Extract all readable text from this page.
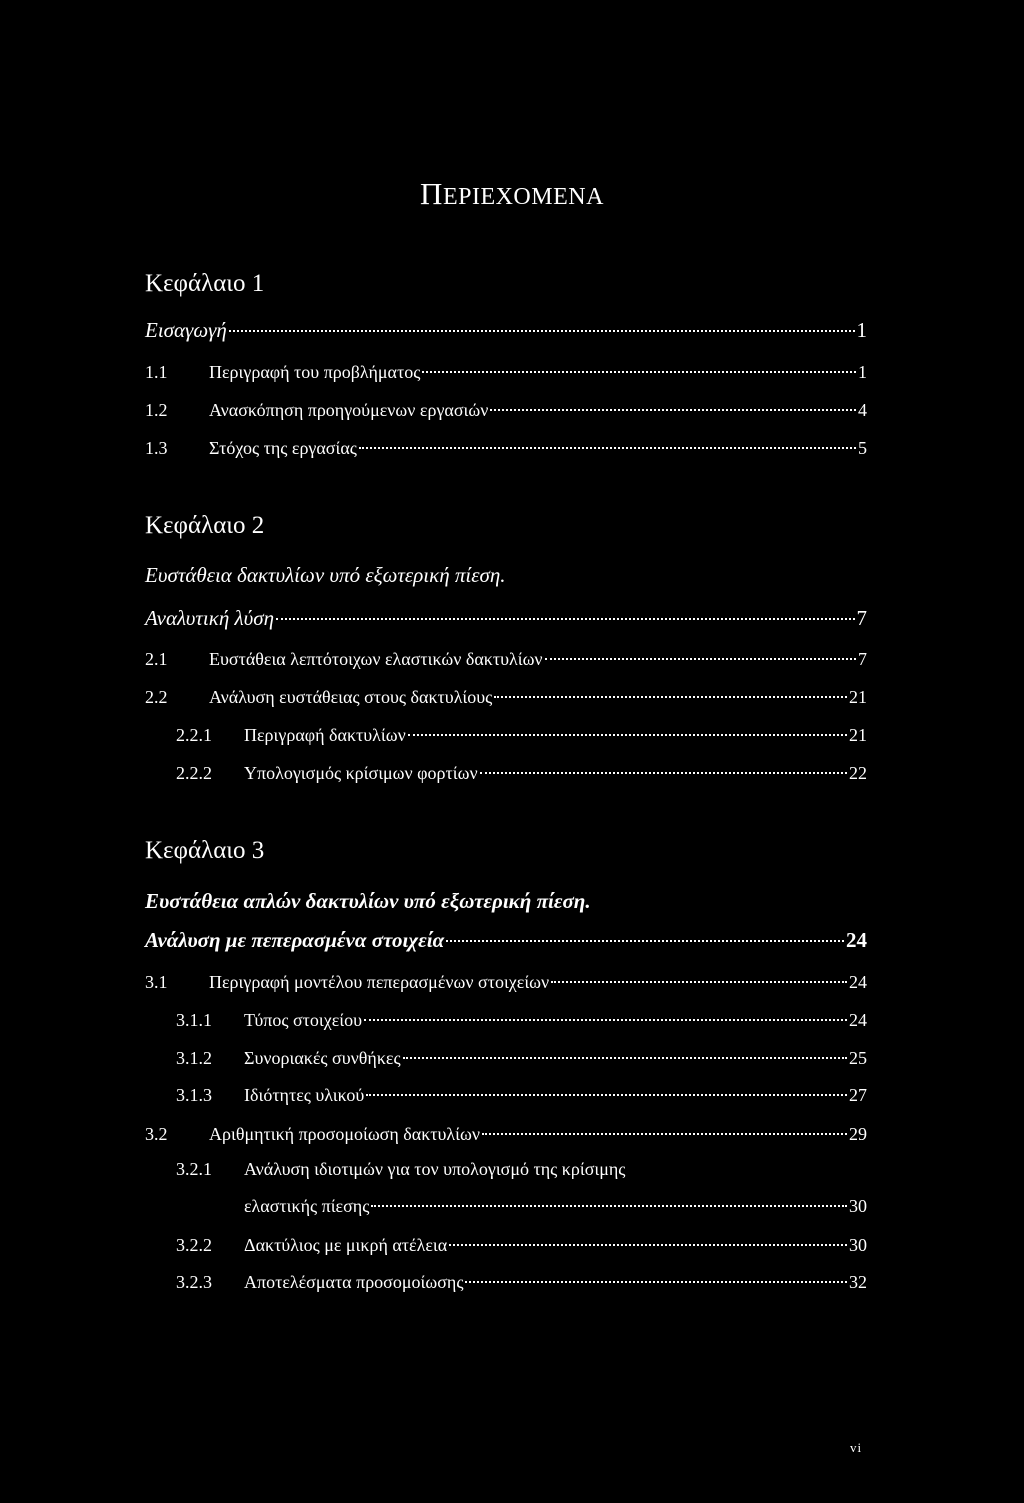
ΠΕΡΙΕΧΟΜΕΝΑ
Κεφάλαιο 1
Εισαγωγή	1
1.1	Περιγραφή του προβλήματος	1
1.2	Ανασκόπηση προηγούμενων εργασιών	4
1.3	Στόχος της εργασίας	5
Κεφάλαιο 2
Ευστάθεια δακτυλίων υπό εξωτερική πίεση.
Αναλυτική λύση	7
2.1	Ευστάθεια λεπτότοιχων ελαστικών δακτυλίων	7
2.2	Ανάλυση ευστάθειας στους δακτυλίους	21
2.2.1	Περιγραφή δακτυλίων	21
2.2.2	Υπολογισμός κρίσιμων φορτίων	22
Κεφάλαιο 3
Ευστάθεια απλών δακτυλίων υπό εξωτερική πίεση.
Ανάλυση με πεπερασμένα στοιχεία	24
3.1	Περιγραφή μοντέλου πεπερασμένων στοιχείων	24
3.1.1	Τύπος στοιχείου	24
3.1.2	Συνοριακές συνθήκες	25
3.1.3	Ιδιότητες υλικού	27
3.2	Αριθμητική προσομοίωση δακτυλίων	29
3.2.1	Ανάλυση ιδιοτιμών για τον υπολογισμό της κρίσιμης
ελαστικής πίεσης	30
3.2.2	Δακτύλιος με μικρή ατέλεια	30
3.2.3	Αποτελέσματα προσομοίωσης	32
vi
